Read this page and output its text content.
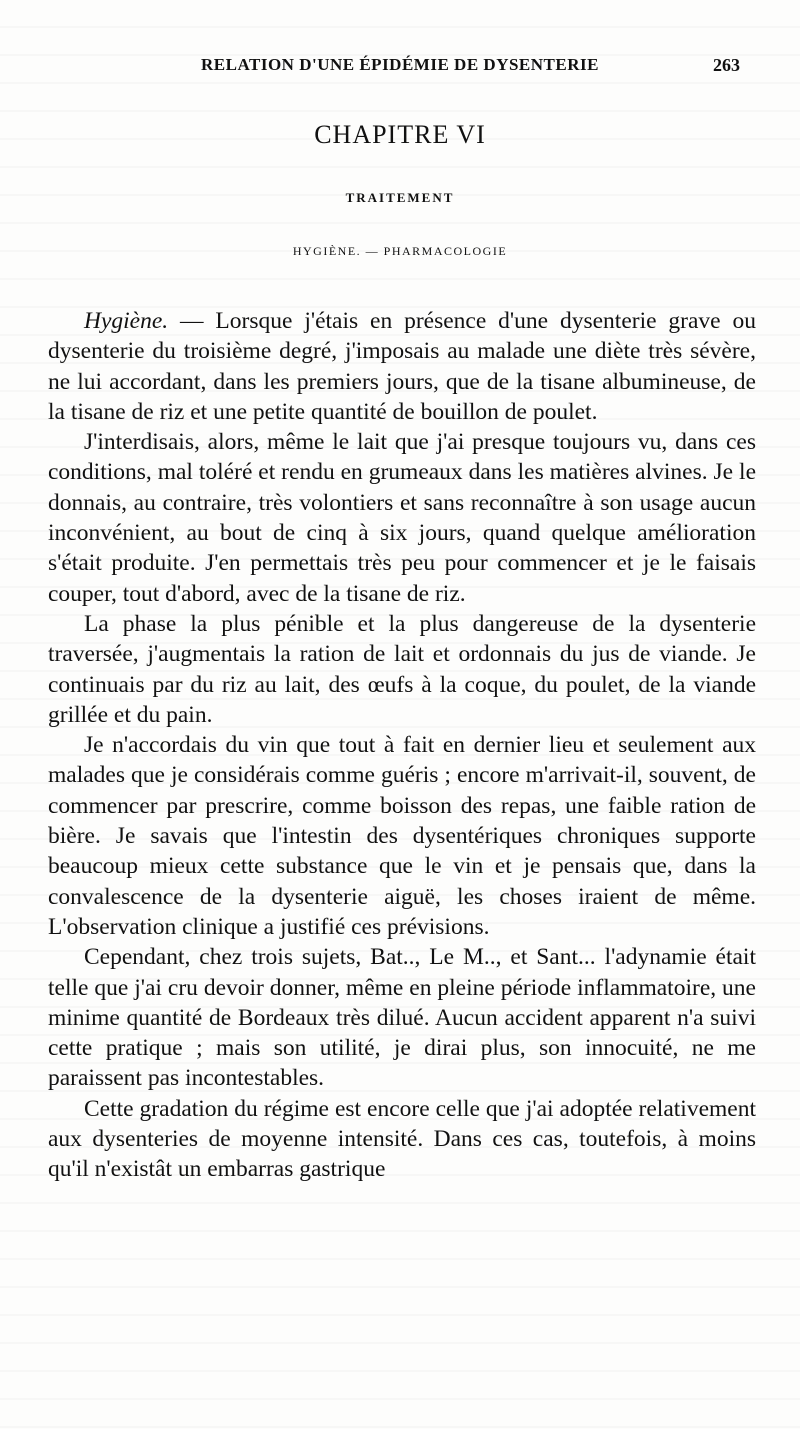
RELATION D'UNE ÉPIDÉMIE DE DYSENTERIE	263
CHAPITRE VI
TRAITEMENT
HYGIÈNE. — PHARMACOLOGIE

Hygiène. — Lorsque j'étais en présence d'une dysenterie grave ou dysenterie du troisième degré, j'imposais au malade une diète très sévère, ne lui accordant, dans les premiers jours, que de la tisane albumineuse, de la tisane de riz et une petite quantité de bouillon de poulet.

J'interdisais, alors, même le lait que j'ai presque toujours vu, dans ces conditions, mal toléré et rendu en grumeaux dans les matières alvines. Je le donnais, au contraire, très volontiers et sans reconnaître à son usage aucun inconvénient, au bout de cinq à six jours, quand quelque amélioration s'était produite. J'en permettais très peu pour commencer et je le faisais couper, tout d'abord, avec de la tisane de riz.

La phase la plus pénible et la plus dangereuse de la dysenterie traversée, j'augmentais la ration de lait et ordonnais du jus de viande. Je continuais par du riz au lait, des œufs à la coque, du poulet, de la viande grillée et du pain.

Je n'accordais du vin que tout à fait en dernier lieu et seulement aux malades que je considérais comme guéris ; encore m'arrivait-il, souvent, de commencer par prescrire, comme boisson des repas, une faible ration de bière. Je savais que l'intestin des dysentériques chroniques supporte beaucoup mieux cette substance que le vin et je pensais que, dans la convalescence de la dysenterie aiguë, les choses iraient de même. L'observation clinique a justifié ces prévisions.

Cependant, chez trois sujets, Bat.., Le M.., et Sant... l'adynamie était telle que j'ai cru devoir donner, même en pleine période inflammatoire, une minime quantité de Bordeaux très dilué. Aucun accident apparent n'a suivi cette pratique ; mais son utilité, je dirai plus, son innocuité, ne me paraissent pas incontestables.

Cette gradation du régime est encore celle que j'ai adoptée relativement aux dysenteries de moyenne intensité. Dans ces cas, toutefois, à moins qu'il n'existât un embarras gastrique
